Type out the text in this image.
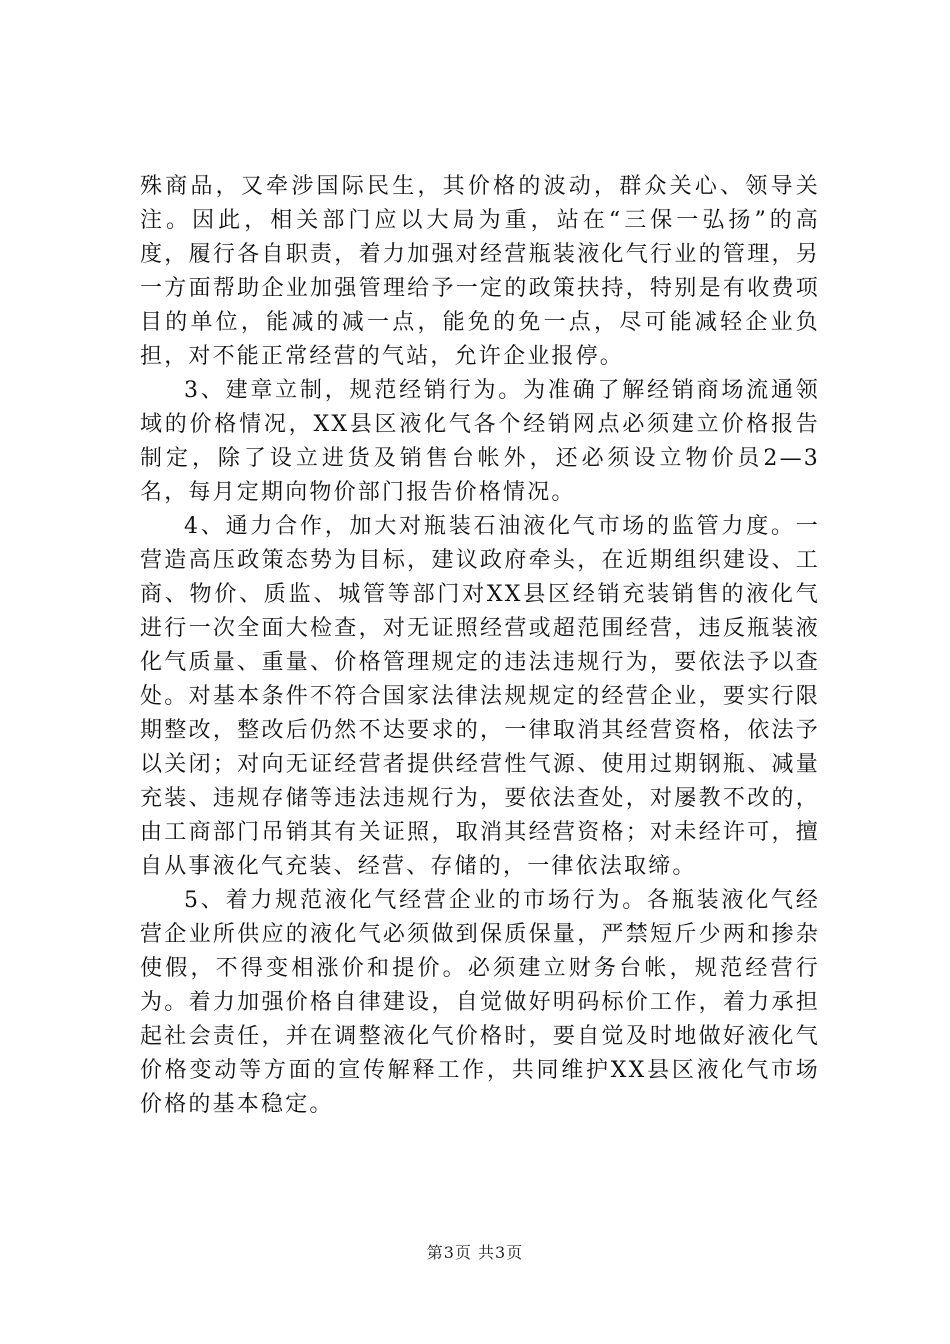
殊商品，又牵涉国际民生，其价格的波动，群众关心、领导关注。因此，相关部门应以大局为重，站在“三保一弘扬”的高度，履行各自职责，着力加强对经营瓶装液化气行业的管理，另一方面帮助企业加强管理给予一定的政策扶持，特别是有收费项目的单位，能减的减一点，能免的免一点，尽可能减轻企业负担，对不能正常经营的气站，允许企业报停。

3、建章立制，规范经销行为。为准确了解经销商场流通领域的价格情况，XX县区液化气各个经销网点必须建立价格报告制定，除了设立进货及销售台帐外，还必须设立物价员2—3名，每月定期向物价部门报告价格情况。

4、通力合作，加大对瓶装石油液化气市场的监管力度。一营造高压政策态势为目标，建议政府牵头，在近期组织建设、工商、物价、质监、城管等部门对XX县区经销充装销售的液化气进行一次全面大检查，对无证照经营或超范围经营，违反瓶装液化气质量、重量、价格管理规定的违法违规行为，要依法予以查处。对基本条件不符合国家法律法规规定的经营企业，要实行限期整改，整改后仍然不达要求的，一律取消其经营资格，依法予以关闭；对向无证经营者提供经营性气源、使用过期钢瓶、减量充装、违规存储等违法违规行为，要依法查处，对屡教不改的，由工商部门吊销其有关证照，取消其经营资格；对未经许可，擅自从事液化气充装、经营、存储的，一律依法取缔。

5、着力规范液化气经营企业的市场行为。各瓶装液化气经营企业所供应的液化气必须做到保质保量，严禁短斤少两和掺杂使假，不得变相涨价和提价。必须建立财务台帐，规范经营行为。着力加强价格自律建设，自觉做好明码标价工作，着力承担起社会责任，并在调整液化气价格时，要自觉及时地做好液化气价格变动等方面的宣传解释工作，共同维护XX县区液化气市场价格的基本稳定。

第3页 共3页
